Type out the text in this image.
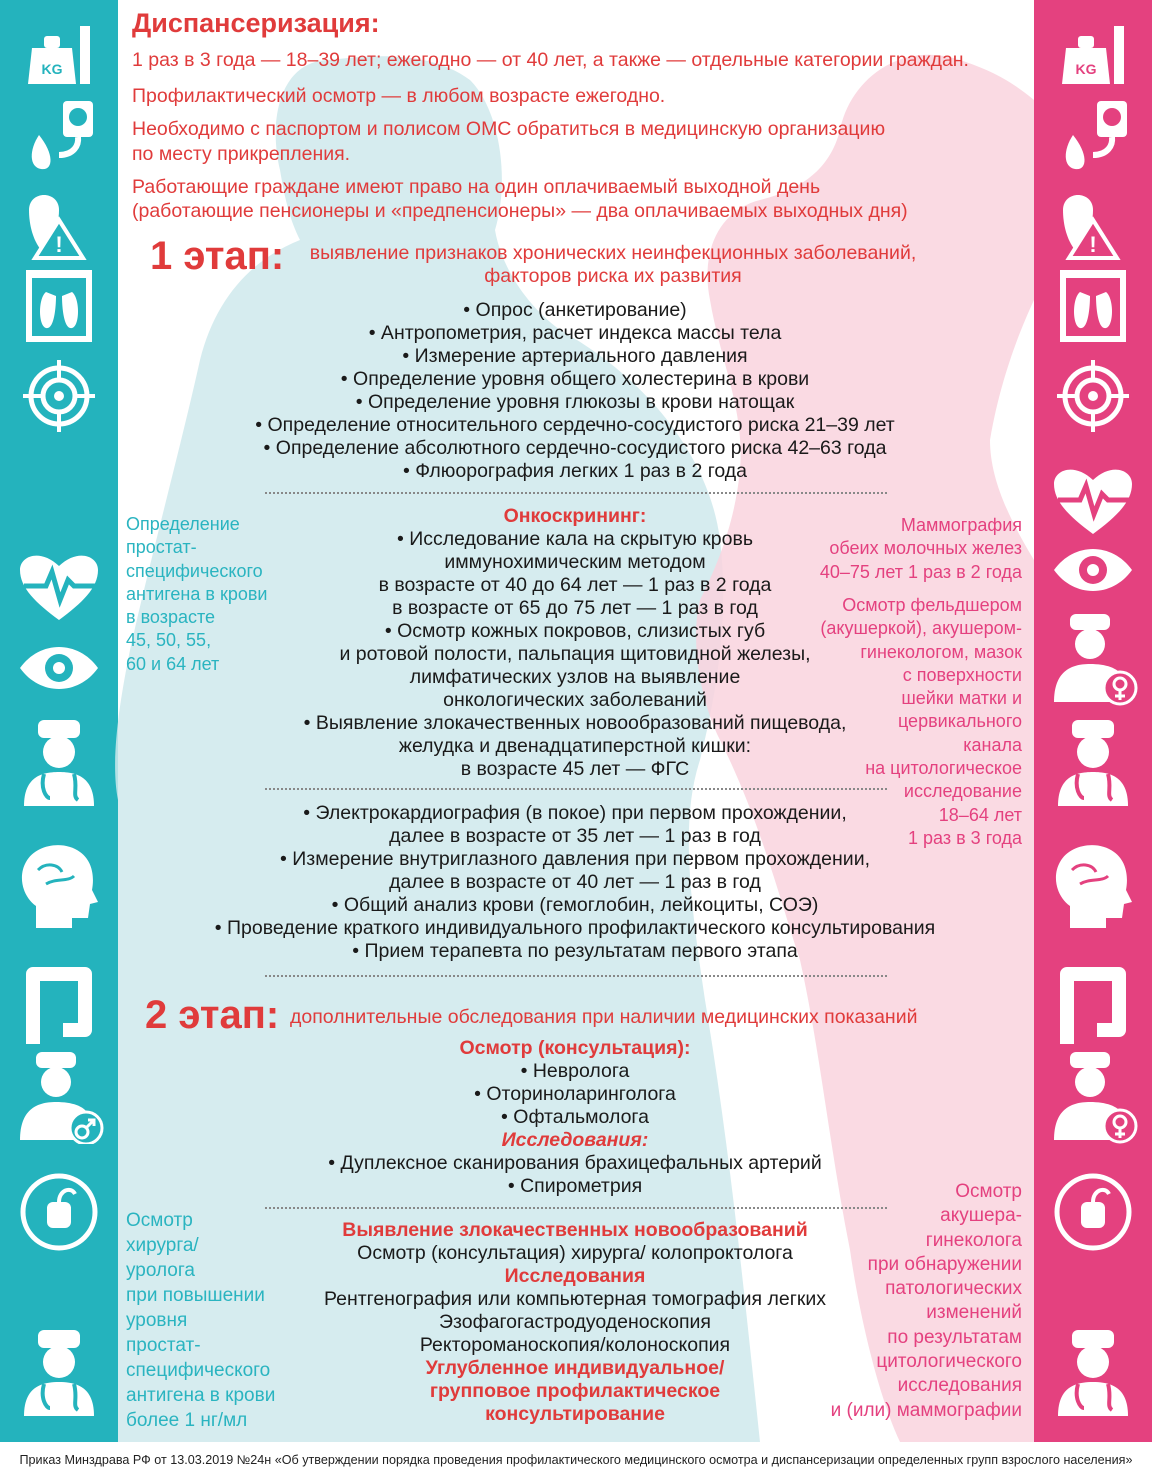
KG
!
KG
!
Диспансеризация:
1 раз в 3 года — 18–39 лет; ежегодно — от 40 лет, а также — отдельные категории граждан.
Профилактический осмотр — в любом возрасте ежегодно.
Необходимо с паспортом и полисом ОМС обратиться в медицинскую организацию
по месту прикрепления.
Работающие граждане имеют право на один оплачиваемый выходной день
(работающие пенсионеры и «предпенсионеры» — два оплачиваемых выходных дня)
1 этап:	выявление признаков хронических неинфекционных заболеваний,
факторов риска их развития
• Опрос (анкетирование)
• Антропометрия, расчет индекса массы тела
• Измерение артериального давления
• Определение уровня общего холестерина в крови
• Определение уровня глюкозы в крови натощак
• Определение относительного сердечно-сосудистого риска 21–39 лет
• Определение абсолютного сердечно-сосудистого риска 42–63 года
• Флюорография легких 1 раз в 2 года
Онкоскрининг:
• Исследование кала на скрытую кровь
иммунохимическим методом
в возрасте от 40 до 64 лет — 1 раз в 2 года
в возрасте от 65 до 75 лет — 1 раз в год
• Осмотр кожных покровов, слизистых губ
и ротовой полости, пальпация щитовидной железы,
лимфатических узлов на выявление
онкологических заболеваний
• Выявление злокачественных новообразований пищевода,
желудка и двенадцатиперстной кишки:
в возрасте 45 лет — ФГС
• Электрокардиография (в покое) при первом прохождении,
далее в возрасте от 35 лет — 1 раз в год
• Измерение внутриглазного давления при первом прохождении,
далее в возрасте от 40 лет — 1 раз в год
• Общий анализ крови (гемоглобин, лейкоциты, СОЭ)
• Проведение краткого индивидуального профилактического консультирования
• Прием терапевта по результатам первого этапа
Определение
простат-
специфического
антигена в крови
в возрасте
45, 50, 55,
60 и 64 лет
Маммография
обеих молочных желез
40–75 лет 1 раз в 2 года
Осмотр фельдшером
(акушеркой), акушером-
гинекологом, мазок
с поверхности
шейки матки и
цервикального
канала
на цитологическое
исследование
18–64 лет
1 раз в 3 года
2 этап: дополнительные обследования при наличии медицинских показаний
Осмотр (консультация):
• Невролога
• Оториноларинголога
• Офтальмолога
Исследования:
• Дуплексное сканирования брахицефальных артерий
• Спирометрия
Выявление злокачественных новообразований
Осмотр (консультация) хирурга/ колопроктолога
Исследования
Рентгенография или компьютерная томография легких
Эзофагогастродуоденоскопия
Ректороманоскопия/колоноскопия
Углубленное индивидуальное/
групповое профилактическое
консультирование
Осмотр
хирурга/
уролога
при повышении
уровня
простат-
специфического
антигена в крови
более 1 нг/мл
Осмотр
акушера-
гинеколога
при обнаружении
патологических
изменений
по результатам
цитологического
исследования
и (или) маммографии
Приказ Минздрава РФ от 13.03.2019 №24н «Об утверждении порядка проведения профилактического медицинского осмотра и диспансеризации определенных групп взрослого населения»
